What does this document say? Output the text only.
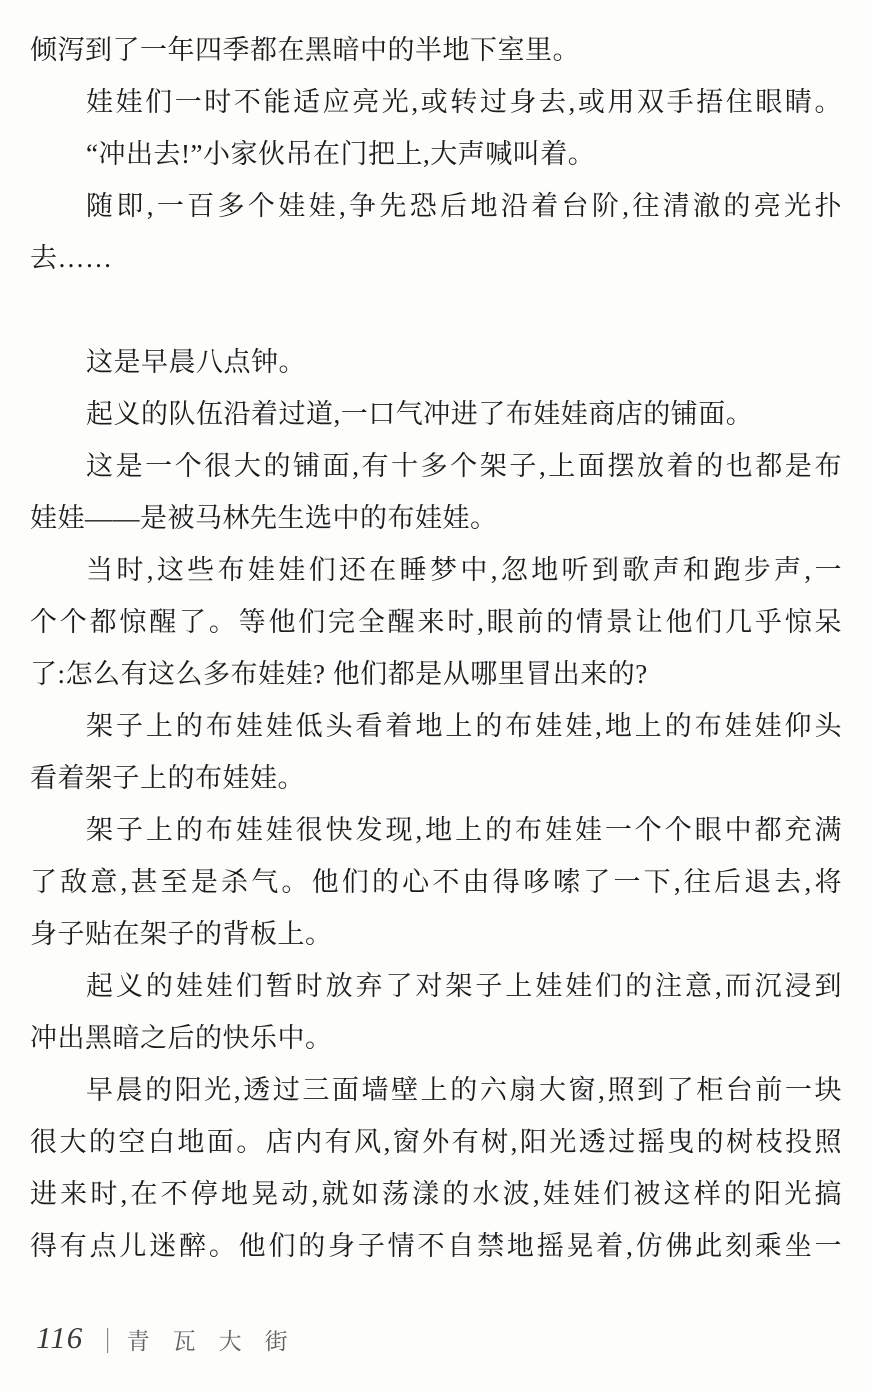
倾泻到了一年四季都在黑暗中的半地下室里。

娃娃们一时不能适应亮光,或转过身去,或用双手捂住眼睛。

“冲出去!”小家伙吊在门把上,大声喊叫着。

随即,一百多个娃娃,争先恐后地沿着台阶,往清澈的亮光扑

去……

这是早晨八点钟。

起义的队伍沿着过道,一口气冲进了布娃娃商店的铺面。

这是一个很大的铺面,有十多个架子,上面摆放着的也都是布

娃娃——是被马林先生选中的布娃娃。

当时,这些布娃娃们还在睡梦中,忽地听到歌声和跑步声,一

个个都惊醒了。等他们完全醒来时,眼前的情景让他们几乎惊呆

了:怎么有这么多布娃娃? 他们都是从哪里冒出来的?

架子上的布娃娃低头看着地上的布娃娃,地上的布娃娃仰头

看着架子上的布娃娃。

架子上的布娃娃很快发现,地上的布娃娃一个个眼中都充满

了敌意,甚至是杀气。他们的心不由得哆嗦了一下,往后退去,将

身子贴在架子的背板上。

起义的娃娃们暂时放弃了对架子上娃娃们的注意,而沉浸到

冲出黑暗之后的快乐中。

早晨的阳光,透过三面墙壁上的六扇大窗,照到了柜台前一块

很大的空白地面。店内有风,窗外有树,阳光透过摇曳的树枝投照

进来时,在不停地晃动,就如荡漾的水波,娃娃们被这样的阳光搞

得有点儿迷醉。他们的身子情不自禁地摇晃着,仿佛此刻乘坐一

116 | 青瓦大街
